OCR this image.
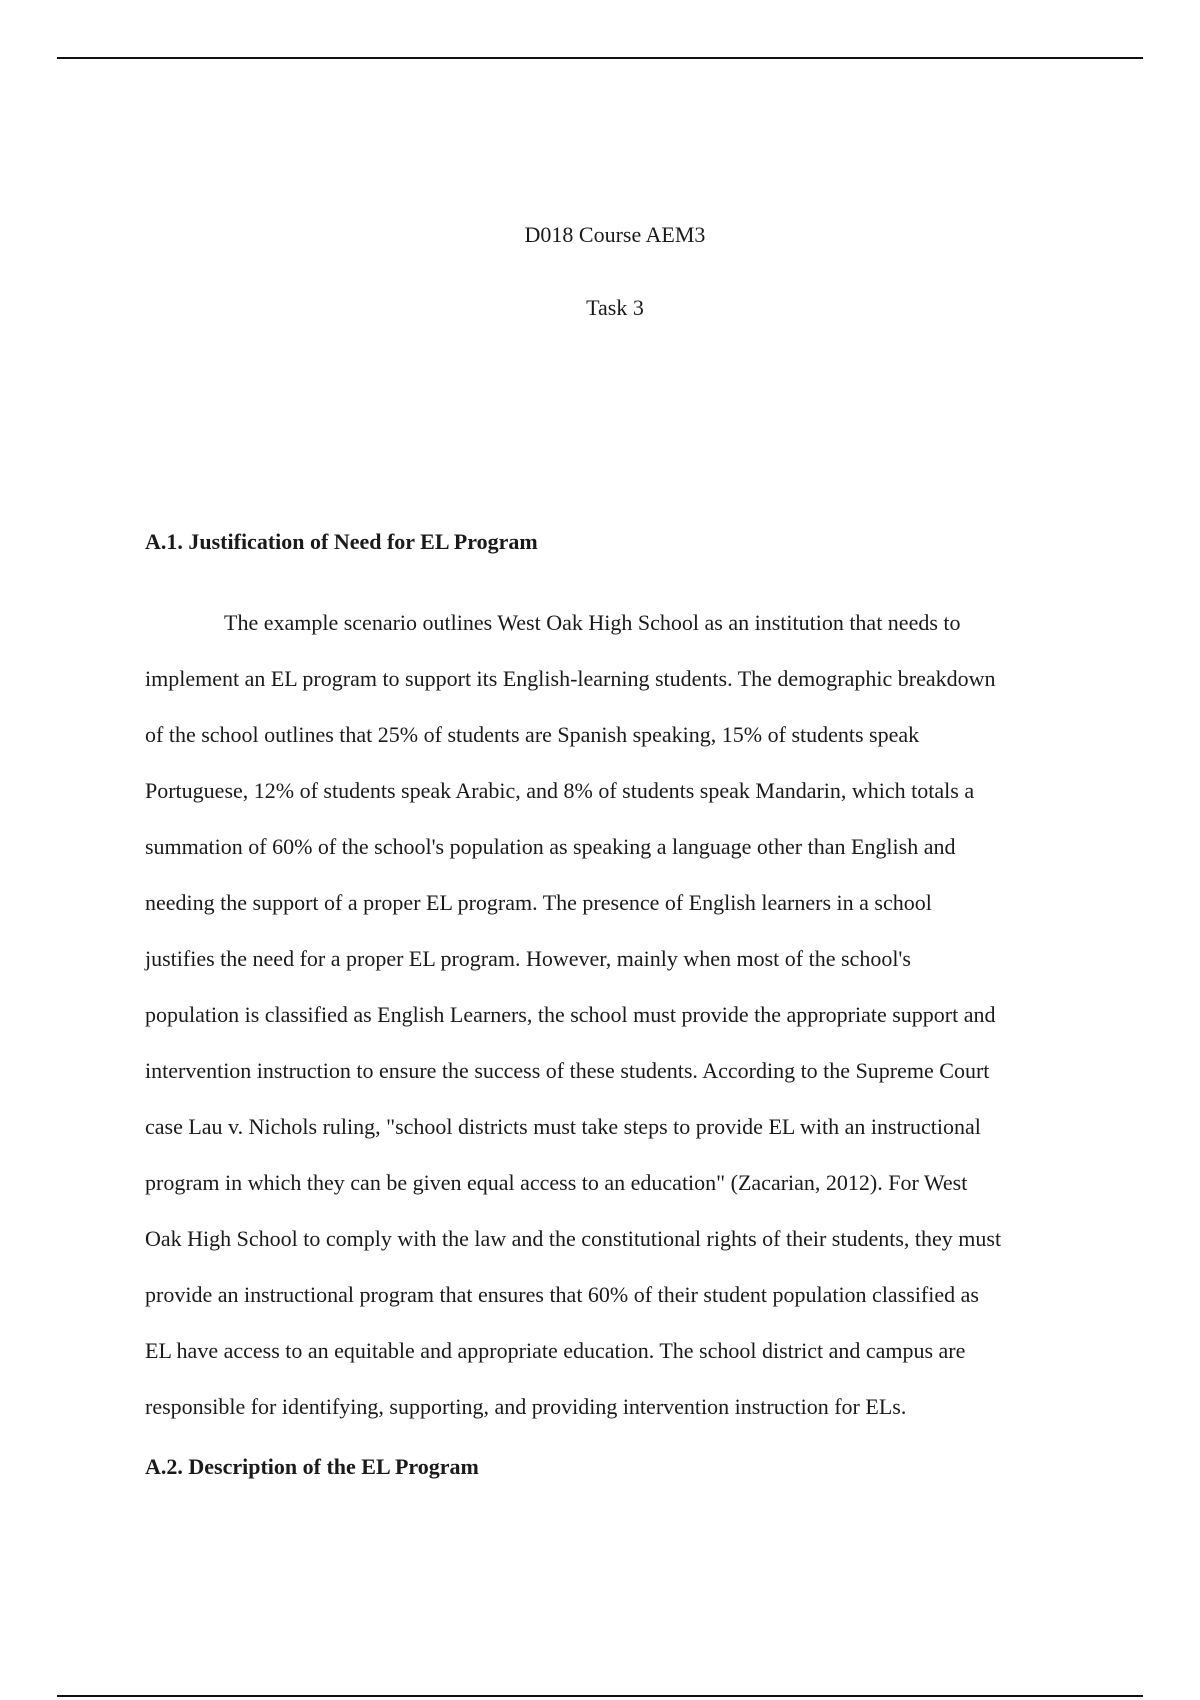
D018 Course AEM3
Task 3
A.1. Justification of Need for EL Program

The example scenario outlines West Oak High School as an institution that needs to
implement an EL program to support its English-learning students. The demographic breakdown
of the school outlines that 25% of students are Spanish speaking, 15% of students speak
Portuguese, 12% of students speak Arabic, and 8% of students speak Mandarin, which totals a
summation of 60% of the school's population as speaking a language other than English and
needing the support of a proper EL program. The presence of English learners in a school
justifies the need for a proper EL program. However, mainly when most of the school's
population is classified as English Learners, the school must provide the appropriate support and
intervention instruction to ensure the success of these students. According to the Supreme Court
case Lau v. Nichols ruling, "school districts must take steps to provide EL with an instructional
program in which they can be given equal access to an education" (Zacarian, 2012). For West
Oak High School to comply with the law and the constitutional rights of their students, they must
provide an instructional program that ensures that 60% of their student population classified as
EL have access to an equitable and appropriate education. The school district and campus are
responsible for identifying, supporting, and providing intervention instruction for ELs.

A.2. Description of the EL Program
